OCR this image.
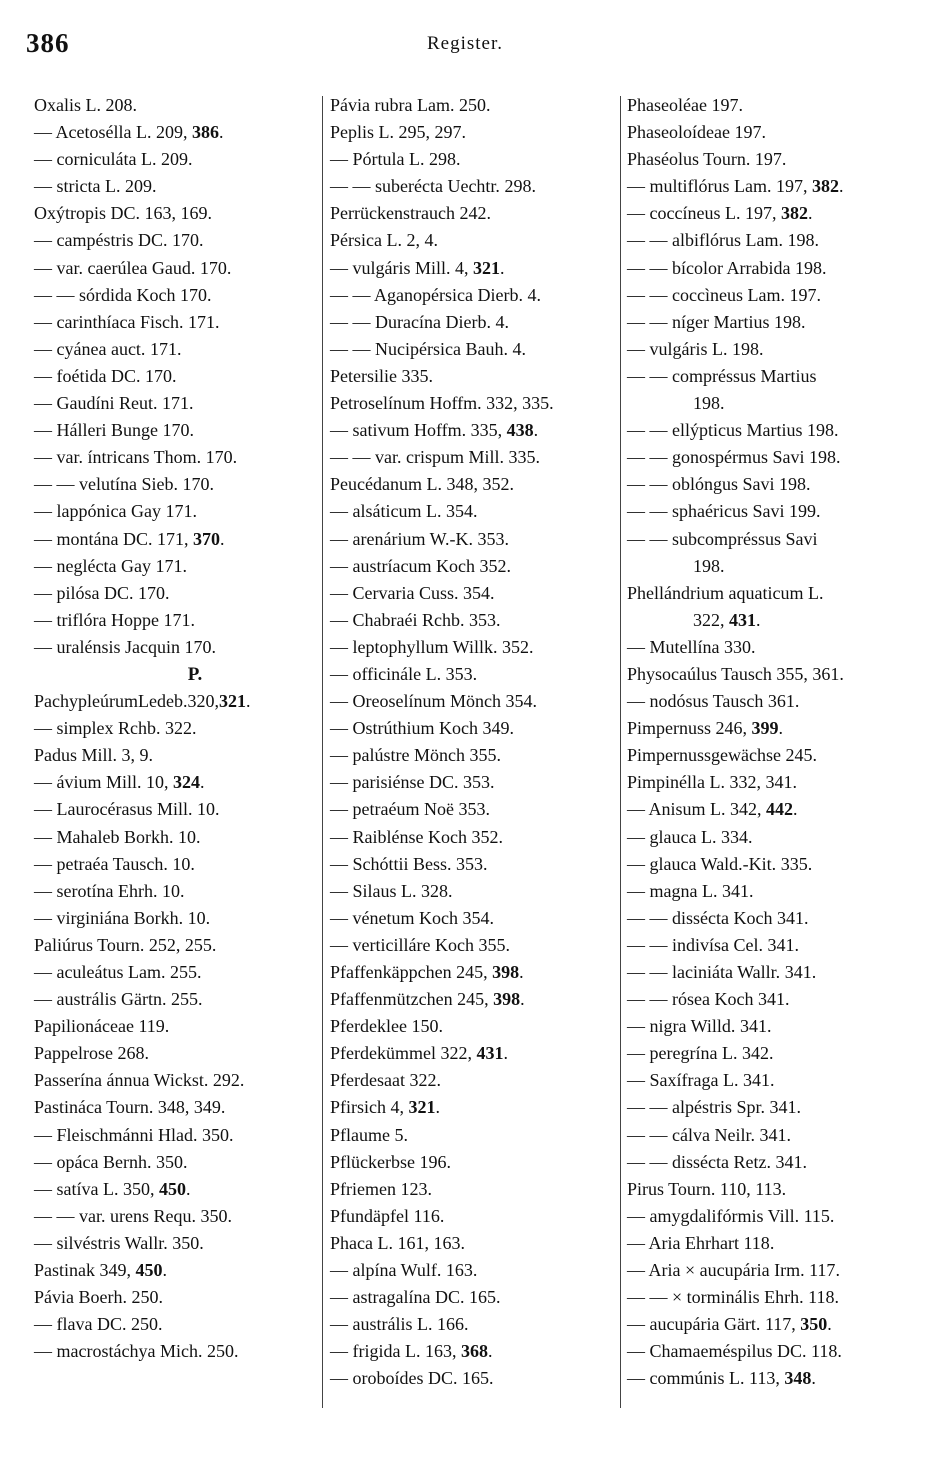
386	Register.
Oxalis L. 208.
— Acetosélla L. 209, 386.
— corniculáta L. 209.
— stricta L. 209.
Oxýtropis DC. 163, 169.
— campéstris DC. 170.
— var. caerúlea Gaud. 170.
— — sórdida Koch 170.
— carinthíaca Fisch. 171.
— cyánea auct. 171.
— foétida DC. 170.
— Gaudíni Reut. 171.
— Hálleri Bunge 170.
— var. íntricans Thom. 170.
— — velutína Sieb. 170.
— lappónica Gay 171.
— montána DC. 171, 370.
— neglécta Gay 171.
— pilósa DC. 170.
— triflóra Hoppe 171.
— uralénsis Jacquin 170.
P.
PachypleúrumLedeb.320,321.
— simplex Rchb. 322.
Padus Mill. 3, 9.
— ávium Mill. 10, 324.
— Laurocérasus Mill. 10.
— Mahaleb Borkh. 10.
— petraéa Tausch. 10.
— serotína Ehrh. 10.
— virginiána Borkh. 10.
Paliúrus Tourn. 252, 255.
— aculeátus Lam. 255.
— austrális Gärtn. 255.
Papilionáceae 119.
Pappelrose 268.
Passerína ánnua Wickst. 292.
Pastináca Tourn. 348, 349.
— Fleischmánni Hlad. 350.
— opáca Bernh. 350.
— satíva L. 350, 450.
— — var. urens Requ. 350.
— silvéstris Wallr. 350.
Pastinak 349, 450.
Pávia Boerh. 250.
— flava DC. 250.
— macrostáchya Mich. 250.
Pávia rubra Lam. 250.
Peplis L. 295, 297.
— Pórtula L. 298.
— — suberécta Uechtr. 298.
Perrückenstrauch 242.
Pérsica L. 2, 4.
— vulgáris Mill. 4, 321.
— — Aganopérsica Dierb. 4.
— — Duracína Dierb. 4.
— — Nucipérsica Bauh. 4.
Petersilie 335.
Petroselínum Hoffm. 332, 335.
— sativum Hoffm. 335, 438.
— — var. crispum Mill. 335.
Peucédanum L. 348, 352.
— alsáticum L. 354.
— arenárium W.-K. 353.
— austríacum Koch 352.
— Cervaria Cuss. 354.
— Chabraéi Rchb. 353.
— leptophyllum Willk. 352.
— officinále L. 353.
— Oreoselínum Mönch 354.
— Ostrúthium Koch 349.
— palústre Mönch 355.
— parisiénse DC. 353.
— petraéum Noë 353.
— Raiblénse Koch 352.
— Schóttii Bess. 353.
— Silaus L. 328.
— vénetum Koch 354.
— verticilláre Koch 355.
Pfaffenkäppchen 245, 398.
Pfaffenmützchen 245, 398.
Pferdeklee 150.
Pferdekümmel 322, 431.
Pferdesaat 322.
Pfirsich 4, 321.
Pflaume 5.
Pflückerbse 196.
Pfriemen 123.
Pfundäpfel 116.
Phaca L. 161, 163.
— alpína Wulf. 163.
— astragalína DC. 165.
— austrális L. 166.
— frigida L. 163, 368.
— oroboídes DC. 165.
Phaseoléae 197.
Phaseoloídeae 197.
Phaséolus Tourn. 197.
— multiflórus Lam. 197, 382.
— coccíneus L. 197, 382.
— — albiflórus Lam. 198.
— — bícolor Arrabida 198.
— — coccìneus Lam. 197.
— — níger Martius 198.
— vulgáris L. 198.
— — compréssus Martius
198.
— — ellýpticus Martius 198.
— — gonospérmus Savi 198.
— — oblóngus Savi 198.
— — sphaéricus Savi 199.
— — subcompréssus Savi
198.
Phellándrium aquaticum L.
322, 431.
— Mutellína 330.
Physocaúlus Tausch 355, 361.
— nodósus Tausch 361.
Pimpernuss 246, 399.
Pimpernussgewächse 245.
Pimpinélla L. 332, 341.
— Anisum L. 342, 442.
— glauca L. 334.
— glauca Wald.-Kit. 335.
— magna L. 341.
— — dissécta Koch 341.
— — indivísa Cel. 341.
— — laciniáta Wallr. 341.
— — rósea Koch 341.
— nigra Willd. 341.
— peregrína L. 342.
— Saxífraga L. 341.
— — alpéstris Spr. 341.
— — cálva Neilr. 341.
— — dissécta Retz. 341.
Pirus Tourn. 110, 113.
— amygdalifórmis Vill. 115.
— Aria Ehrhart 118.
— Aria × aucupária Irm. 117.
— — × torminális Ehrh. 118.
— aucupária Gärt. 117, 350.
— Chamaeméspilus DC. 118.
— commúnis L. 113, 348.
